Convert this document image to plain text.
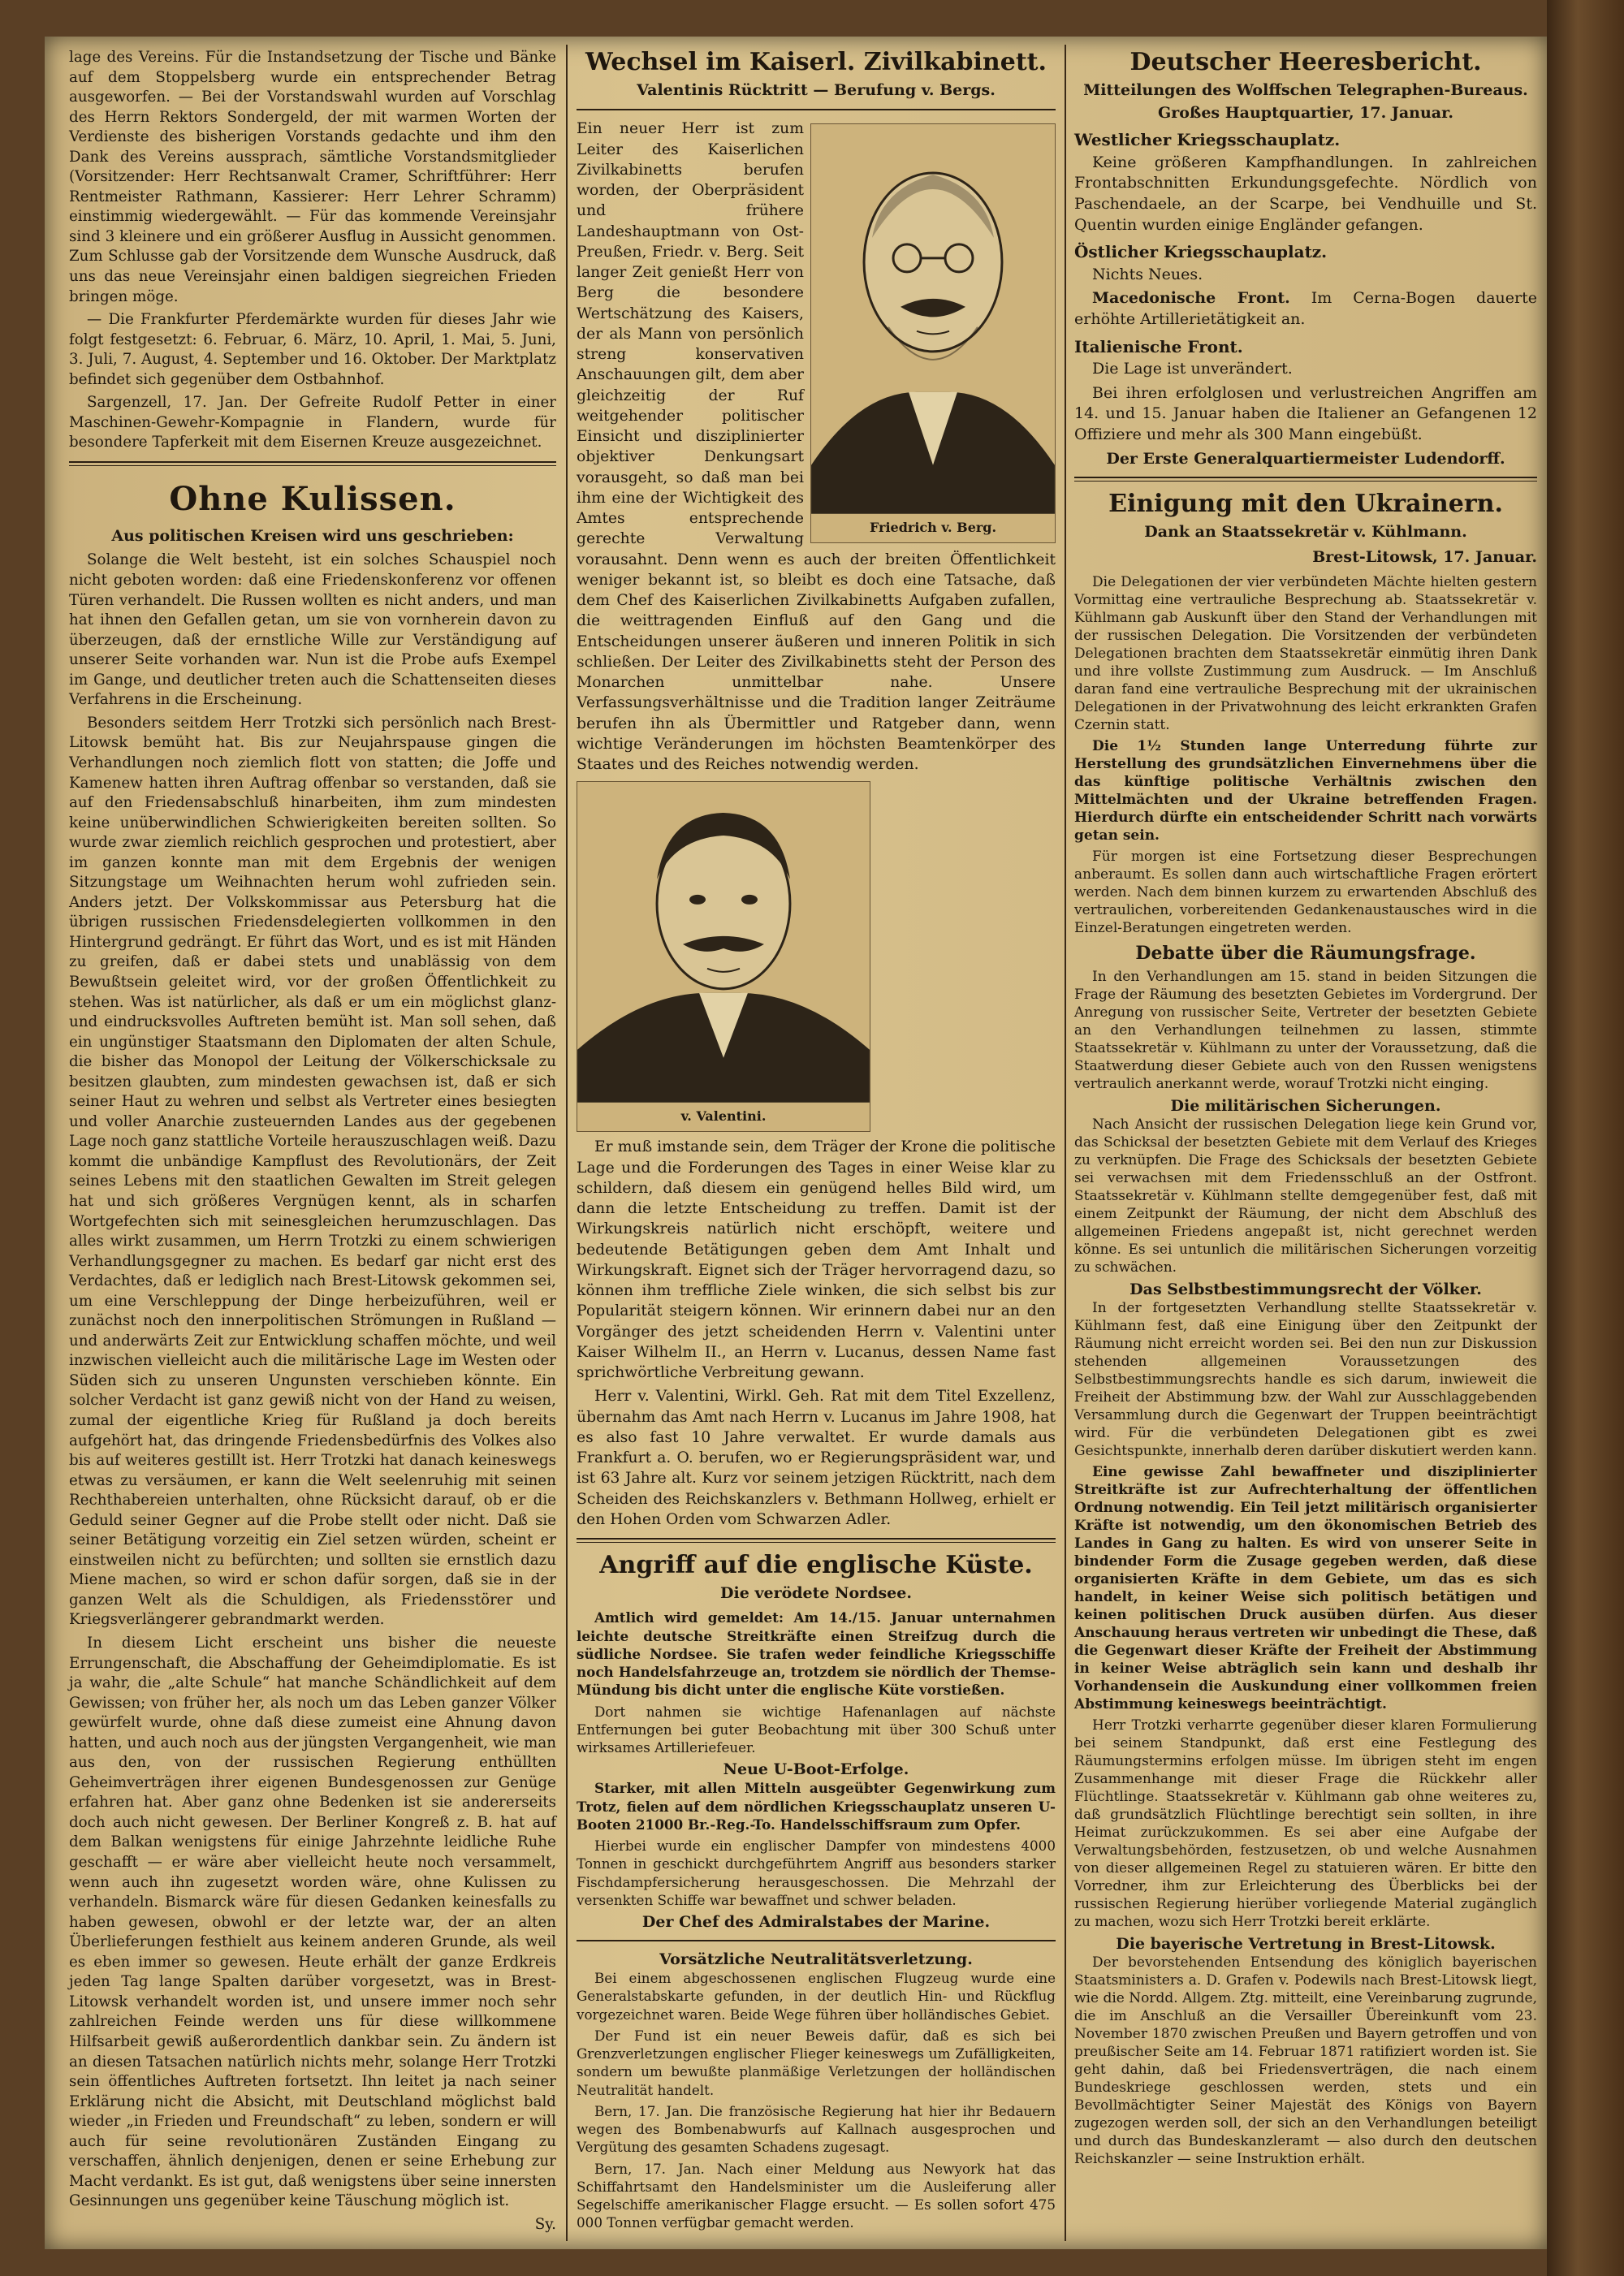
lage des Vereins. Für die Instandsetzung der Tische und Bänke auf dem Stoppelsberg wurde ein entsprechender Betrag ausgeworfen. — Bei der Vorstandswahl wurden auf Vorschlag des Herrn Rektors Sondergeld, der mit warmen Worten der Verdienste des bisherigen Vorstands gedachte und ihm den Dank des Vereins aussprach, sämtliche Vorstandsmitglieder (Vorsitzender: Herr Rechtsanwalt Cramer, Schriftführer: Herr Rentmeister Rathmann, Kassierer: Herr Lehrer Schramm) einstimmig wiedergewählt. — Für das kommende Vereinsjahr sind 3 kleinere und ein größerer Ausflug in Aussicht genommen. Zum Schlusse gab der Vorsitzende dem Wunsche Ausdruck, daß uns das neue Vereinsjahr einen baldigen siegreichen Frieden bringen möge.

— Die Frankfurter Pferdemärkte wurden für dieses Jahr wie folgt festgesetzt: 6. Februar, 6. März, 10. April, 1. Mai, 5. Juni, 3. Juli, 7. August, 4. September und 16. Oktober. Der Marktplatz befindet sich gegenüber dem Ostbahnhof.

Sargenzell, 17. Jan. Der Gefreite Rudolf Petter in einer Maschinen-Gewehr-Kompagnie in Flandern, wurde für besondere Tapferkeit mit dem Eisernen Kreuze ausgezeichnet.

Ohne Kulissen.
Aus politischen Kreisen wird uns geschrieben:

Solange die Welt besteht, ist ein solches Schauspiel noch nicht geboten worden: daß eine Friedenskonferenz vor offenen Türen verhandelt. Die Russen wollten es nicht anders, und man hat ihnen den Gefallen getan, um sie von vornherein davon zu überzeugen, daß der ernstliche Wille zur Verständigung auf unserer Seite vorhanden war. Nun ist die Probe aufs Exempel im Gange, und deutlicher treten auch die Schattenseiten dieses Verfahrens in die Erscheinung.

Besonders seitdem Herr Trotzki sich persönlich nach Brest-Litowsk bemüht hat. Bis zur Neujahrspause gingen die Verhandlungen noch ziemlich flott von statten; die Joffe und Kamenew hatten ihren Auftrag offenbar so verstanden, daß sie auf den Friedensabschluß hinarbeiten, ihm zum mindesten keine unüberwindlichen Schwierigkeiten bereiten sollten. So wurde zwar ziemlich reichlich gesprochen und protestiert, aber im ganzen konnte man mit dem Ergebnis der wenigen Sitzungstage um Weihnachten herum wohl zufrieden sein. Anders jetzt. Der Volkskommissar aus Petersburg hat die übrigen russischen Friedensdelegierten vollkommen in den Hintergrund gedrängt. Er führt das Wort, und es ist mit Händen zu greifen, daß er dabei stets und unablässig von dem Bewußtsein geleitet wird, vor der großen Öffentlichkeit zu stehen. Was ist natürlicher, als daß er um ein möglichst glanz- und eindrucksvolles Auftreten bemüht ist. Man soll sehen, daß ein ungünstiger Staatsmann den Diplomaten der alten Schule, die bisher das Monopol der Leitung der Völkerschicksale zu besitzen glaubten, zum mindesten gewachsen ist, daß er sich seiner Haut zu wehren und selbst als Vertreter eines besiegten und voller Anarchie zusteuernden Landes aus der gegebenen Lage noch ganz stattliche Vorteile herauszuschlagen weiß. Dazu kommt die unbändige Kampflust des Revolutionärs, der Zeit seines Lebens mit den staatlichen Gewalten im Streit gelegen hat und sich größeres Vergnügen kennt, als in scharfen Wortgefechten sich mit seinesgleichen herumzuschlagen. Das alles wirkt zusammen, um Herrn Trotzki zu einem schwierigen Verhandlungsgegner zu machen. Es bedarf gar nicht erst des Verdachtes, daß er lediglich nach Brest-Litowsk gekommen sei, um eine Verschleppung der Dinge herbeizuführen, weil er zunächst noch den innerpolitischen Strömungen in Rußland — und anderwärts Zeit zur Entwicklung schaffen möchte, und weil inzwischen vielleicht auch die militärische Lage im Westen oder Süden sich zu unseren Ungunsten verschieben könnte. Ein solcher Verdacht ist ganz gewiß nicht von der Hand zu weisen, zumal der eigentliche Krieg für Rußland ja doch bereits aufgehört hat, das dringende Friedensbedürfnis des Volkes also bis auf weiteres gestillt ist. Herr Trotzki hat danach keineswegs etwas zu versäumen, er kann die Welt seelenruhig mit seinen Rechthabereien unterhalten, ohne Rücksicht darauf, ob er die Geduld seiner Gegner auf die Probe stellt oder nicht. Daß sie seiner Betätigung vorzeitig ein Ziel setzen würden, scheint er einstweilen nicht zu befürchten; und sollten sie ernstlich dazu Miene machen, so wird er schon dafür sorgen, daß sie in der ganzen Welt als die Schuldigen, als Friedensstörer und Kriegsverlängerer gebrandmarkt werden.

In diesem Licht erscheint uns bisher die neueste Errungenschaft, die Abschaffung der Geheimdiplomatie. Es ist ja wahr, die „alte Schule“ hat manche Schändlichkeit auf dem Gewissen; von früher her, als noch um das Leben ganzer Völker gewürfelt wurde, ohne daß diese zumeist eine Ahnung davon hatten, und auch noch aus der jüngsten Vergangenheit, wie man aus den, von der russischen Regierung enthüllten Geheimverträgen ihrer eigenen Bundesgenossen zur Genüge erfahren hat. Aber ganz ohne Bedenken ist sie andererseits doch auch nicht gewesen. Der Berliner Kongreß z. B. hat auf dem Balkan wenigstens für einige Jahrzehnte leidliche Ruhe geschafft — er wäre aber vielleicht heute noch versammelt, wenn auch ihn zugesetzt worden wäre, ohne Kulissen zu verhandeln. Bismarck wäre für diesen Gedanken keinesfalls zu haben gewesen, obwohl er der letzte war, der an alten Überlieferungen festhielt aus keinem anderen Grunde, als weil es eben immer so gewesen. Heute erhält der ganze Erdkreis jeden Tag lange Spalten darüber vorgesetzt, was in Brest-Litowsk verhandelt worden ist, und unsere immer noch sehr zahlreichen Feinde werden uns für diese willkommene Hilfsarbeit gewiß außerordentlich dankbar sein. Zu ändern ist an diesen Tatsachen natürlich nichts mehr, solange Herr Trotzki sein öffentliches Auftreten fortsetzt. Ihn leitet ja nach seiner Erklärung nicht die Absicht, mit Deutschland möglichst bald wieder „in Frieden und Freundschaft“ zu leben, sondern er will auch für seine revolutionären Zuständen Eingang zu verschaffen, ähnlich denjenigen, denen er seine Erhebung zur Macht verdankt. Es ist gut, daß wenigstens über seine innersten Gesinnungen uns gegenüber keine Täuschung möglich ist.

Sy.
Wechsel im Kaiserl. Zivilkabinett.
Valentinis Rücktritt — Berufung v. Bergs.
Friedrich v. Berg.

Ein neuer Herr ist zum Leiter des Kaiserlichen Zivilkabinetts berufen worden, der Oberpräsident und frühere Landeshauptmann von Ost-Preußen, Friedr. v. Berg. Seit langer Zeit genießt Herr von Berg die besondere Wertschätzung des Kaisers, der als Mann von persönlich streng konservativen Anschauungen gilt, dem aber gleichzeitig der Ruf weitgehender politischer Einsicht und disziplinierter objektiver Denkungsart vorausgeht, so daß man bei ihm eine der Wichtigkeit des Amtes entsprechende gerechte Verwaltung vorausahnt. Denn wenn es auch der breiten Öffentlichkeit weniger bekannt ist, so bleibt es doch eine Tatsache, daß dem Chef des Kaiserlichen Zivilkabinetts Aufgaben zufallen, die weittragenden Einfluß auf den Gang und die Entscheidungen unserer äußeren und inneren Politik in sich schließen. Der Leiter des Zivilkabinetts steht der Person des Monarchen unmittelbar nahe. Unsere Verfassungsverhältnisse und die Tradition langer Zeiträume berufen ihn als Übermittler und Ratgeber dann, wenn wichtige Veränderungen im höchsten Beamtenkörper des Staates und des Reiches notwendig werden.

v. Valentini.

Er muß imstande sein, dem Träger der Krone die politische Lage und die Forderungen des Tages in einer Weise klar zu schildern, daß diesem ein genügend helles Bild wird, um dann die letzte Entscheidung zu treffen. Damit ist der Wirkungskreis natürlich nicht erschöpft, weitere und bedeutende Betätigungen geben dem Amt Inhalt und Wirkungskraft. Eignet sich der Träger hervorragend dazu, so können ihm treffliche Ziele winken, die sich selbst bis zur Popularität steigern können. Wir erinnern dabei nur an den Vorgänger des jetzt scheidenden Herrn v. Valentini unter Kaiser Wilhelm II., an Herrn v. Lucanus, dessen Name fast sprichwörtliche Verbreitung gewann.

Herr v. Valentini, Wirkl. Geh. Rat mit dem Titel Exzellenz, übernahm das Amt nach Herrn v. Lucanus im Jahre 1908, hat es also fast 10 Jahre verwaltet. Er wurde damals aus Frankfurt a. O. berufen, wo er Regierungspräsident war, und ist 63 Jahre alt. Kurz vor seinem jetzigen Rücktritt, nach dem Scheiden des Reichskanzlers v. Bethmann Hollweg, erhielt er den Hohen Orden vom Schwarzen Adler.

Angriff auf die englische Küste.
Die verödete Nordsee.

Amtlich wird gemeldet: Am 14./15. Januar unternahmen leichte deutsche Streitkräfte einen Streifzug durch die südliche Nordsee. Sie trafen weder feindliche Kriegsschiffe noch Handelsfahrzeuge an, trotzdem sie nördlich der Themse-Mündung bis dicht unter die englische Küte vorstießen.

Dort nahmen sie wichtige Hafenanlagen auf nächste Entfernungen bei guter Beobachtung mit über 300 Schuß unter wirksames Artilleriefeuer.

Neue U-Boot-Erfolge.

Starker, mit allen Mitteln ausgeübter Gegenwirkung zum Trotz, fielen auf dem nördlichen Kriegsschauplatz unseren U-Booten 21000 Br.-Reg.-To. Handelsschiffsraum zum Opfer.

Hierbei wurde ein englischer Dampfer von mindestens 4000 Tonnen in geschickt durchgeführtem Angriff aus besonders starker Fischdampfersicherung herausgeschossen. Die Mehrzahl der versenkten Schiffe war bewaffnet und schwer beladen.

Der Chef des Admiralstabes der Marine.
Vorsätzliche Neutralitätsverletzung.

Bei einem abgeschossenen englischen Flugzeug wurde eine Generalstabskarte gefunden, in der deutlich Hin- und Rückflug vorgezeichnet waren. Beide Wege führen über holländisches Gebiet.

Der Fund ist ein neuer Beweis dafür, daß es sich bei Grenzverletzungen englischer Flieger keineswegs um Zufälligkeiten, sondern um bewußte planmäßige Verletzungen der holländischen Neutralität handelt.

Bern, 17. Jan. Die französische Regierung hat hier ihr Bedauern wegen des Bombenabwurfs auf Kallnach ausgesprochen und Vergütung des gesamten Schadens zugesagt.

Bern, 17. Jan. Nach einer Meldung aus Newyork hat das Schiffahrtsamt den Handelsminister um die Ausleiferung aller Segelschiffe amerikanischer Flagge ersucht. — Es sollen sofort 475 000 Tonnen verfügbar gemacht werden.

Deutscher Heeresbericht.
Mitteilungen des Wolffschen Telegraphen-Bureaus.
Großes Hauptquartier, 17. Januar.
Westlicher Kriegsschauplatz.

Keine größeren Kampfhandlungen. In zahlreichen Frontabschnitten Erkundungsgefechte. Nördlich von Paschendaele, an der Scarpe, bei Vendhuille und St. Quentin wurden einige Engländer gefangen.

Östlicher Kriegsschauplatz.

Nichts Neues.

Macedonische Front. Im Cerna-Bogen dauerte erhöhte Artillerietätigkeit an.

Italienische Front.

Die Lage ist unverändert.

Bei ihren erfolglosen und verlustreichen Angriffen am 14. und 15. Januar haben die Italiener an Gefangenen 12 Offiziere und mehr als 300 Mann eingebüßt.

Der Erste Generalquartiermeister Ludendorff.
Einigung mit den Ukrainern.
Dank an Staatssekretär v. Kühlmann.
Brest-Litowsk, 17. Januar.

Die Delegationen der vier verbündeten Mächte hielten gestern Vormittag eine vertrauliche Besprechung ab. Staatssekretär v. Kühlmann gab Auskunft über den Stand der Verhandlungen mit der russischen Delegation. Die Vorsitzenden der verbündeten Delegationen brachten dem Staatssekretär einmütig ihren Dank und ihre vollste Zustimmung zum Ausdruck. — Im Anschluß daran fand eine vertrauliche Besprechung mit der ukrainischen Delegationen in der Privatwohnung des leicht erkrankten Grafen Czernin statt.

Die 1½ Stunden lange Unterredung führte zur Herstellung des grundsätzlichen Einvernehmens über die das künftige politische Verhältnis zwischen den Mittelmächten und der Ukraine betreffenden Fragen. Hierdurch dürfte ein entscheidender Schritt nach vorwärts getan sein.

Für morgen ist eine Fortsetzung dieser Besprechungen anberaumt. Es sollen dann auch wirtschaftliche Fragen erörtert werden. Nach dem binnen kurzem zu erwartenden Abschluß des vertraulichen, vorbereitenden Gedankenaustausches wird in die Einzel-Beratungen eingetreten werden.

Debatte über die Räumungsfrage.

In den Verhandlungen am 15. stand in beiden Sitzungen die Frage der Räumung des besetzten Gebietes im Vordergrund. Der Anregung von russischer Seite, Vertreter der besetzten Gebiete an den Verhandlungen teilnehmen zu lassen, stimmte Staatssekretär v. Kühlmann zu unter der Voraussetzung, daß die Staatwerdung dieser Gebiete auch von den Russen wenigstens vertraulich anerkannt werde, worauf Trotzki nicht einging.

Die militärischen Sicherungen.

Nach Ansicht der russischen Delegation liege kein Grund vor, das Schicksal der besetzten Gebiete mit dem Verlauf des Krieges zu verknüpfen. Die Frage des Schicksals der besetzten Gebiete sei verwachsen mit dem Friedensschluß an der Ostfront. Staatssekretär v. Kühlmann stellte demgegenüber fest, daß mit einem Zeitpunkt der Räumung, der nicht dem Abschluß des allgemeinen Friedens angepaßt ist, nicht gerechnet werden könne. Es sei untunlich die militärischen Sicherungen vorzeitig zu schwächen.

Das Selbstbestimmungsrecht der Völker.

In der fortgesetzten Verhandlung stellte Staatssekretär v. Kühlmann fest, daß eine Einigung über den Zeitpunkt der Räumung nicht erreicht worden sei. Bei den nun zur Diskussion stehenden allgemeinen Voraussetzungen des Selbstbestimmungsrechts handle es sich darum, inwieweit die Freiheit der Abstimmung bzw. der Wahl zur Ausschlaggebenden Versammlung durch die Gegenwart der Truppen beeinträchtigt wird. Für die verbündeten Delegationen gibt es zwei Gesichtspunkte, innerhalb deren darüber diskutiert werden kann.

Eine gewisse Zahl bewaffneter und disziplinierter Streitkräfte ist zur Aufrechterhaltung der öffentlichen Ordnung notwendig. Ein Teil jetzt militärisch organisierter Kräfte ist notwendig, um den ökonomischen Betrieb des Landes in Gang zu halten. Es wird von unserer Seite in bindender Form die Zusage gegeben werden, daß diese organisierten Kräfte in dem Gebiete, um das es sich handelt, in keiner Weise sich politisch betätigen und keinen politischen Druck ausüben dürfen. Aus dieser Anschauung heraus vertreten wir unbedingt die These, daß die Gegenwart dieser Kräfte der Freiheit der Abstimmung in keiner Weise abträglich sein kann und deshalb ihr Vorhandensein die Auskundung einer vollkommen freien Abstimmung keineswegs beeinträchtigt.

Herr Trotzki verharrte gegenüber dieser klaren Formulierung bei seinem Standpunkt, daß erst eine Festlegung des Räumungstermins erfolgen müsse. Im übrigen steht im engen Zusammenhange mit dieser Frage die Rückkehr aller Flüchtlinge. Staatssekretär v. Kühlmann gab ohne weiteres zu, daß grundsätzlich Flüchtlinge berechtigt sein sollten, in ihre Heimat zurückzukommen. Es sei aber eine Aufgabe der Verwaltungsbehörden, festzusetzen, ob und welche Ausnahmen von dieser allgemeinen Regel zu statuieren wären. Er bitte den Vorredner, ihm zur Erleichterung des Überblicks bei der russischen Regierung hierüber vorliegende Material zugänglich zu machen, wozu sich Herr Trotzki bereit erklärte.

Die bayerische Vertretung in Brest-Litowsk.

Der bevorstehenden Entsendung des königlich bayerischen Staatsministers a. D. Grafen v. Podewils nach Brest-Litowsk liegt, wie die Nordd. Allgem. Ztg. mitteilt, eine Vereinbarung zugrunde, die im Anschluß an die Versailler Übereinkunft vom 23. November 1870 zwischen Preußen und Bayern getroffen und von preußischer Seite am 14. Februar 1871 ratifiziert worden ist. Sie geht dahin, daß bei Friedensverträgen, die nach einem Bundeskriege geschlossen werden, stets und ein Bevollmächtigter Seiner Majestät des Königs von Bayern zugezogen werden soll, der sich an den Verhandlungen beteiligt und durch das Bundeskanzleramt — also durch den deutschen Reichskanzler — seine Instruktion erhält.
